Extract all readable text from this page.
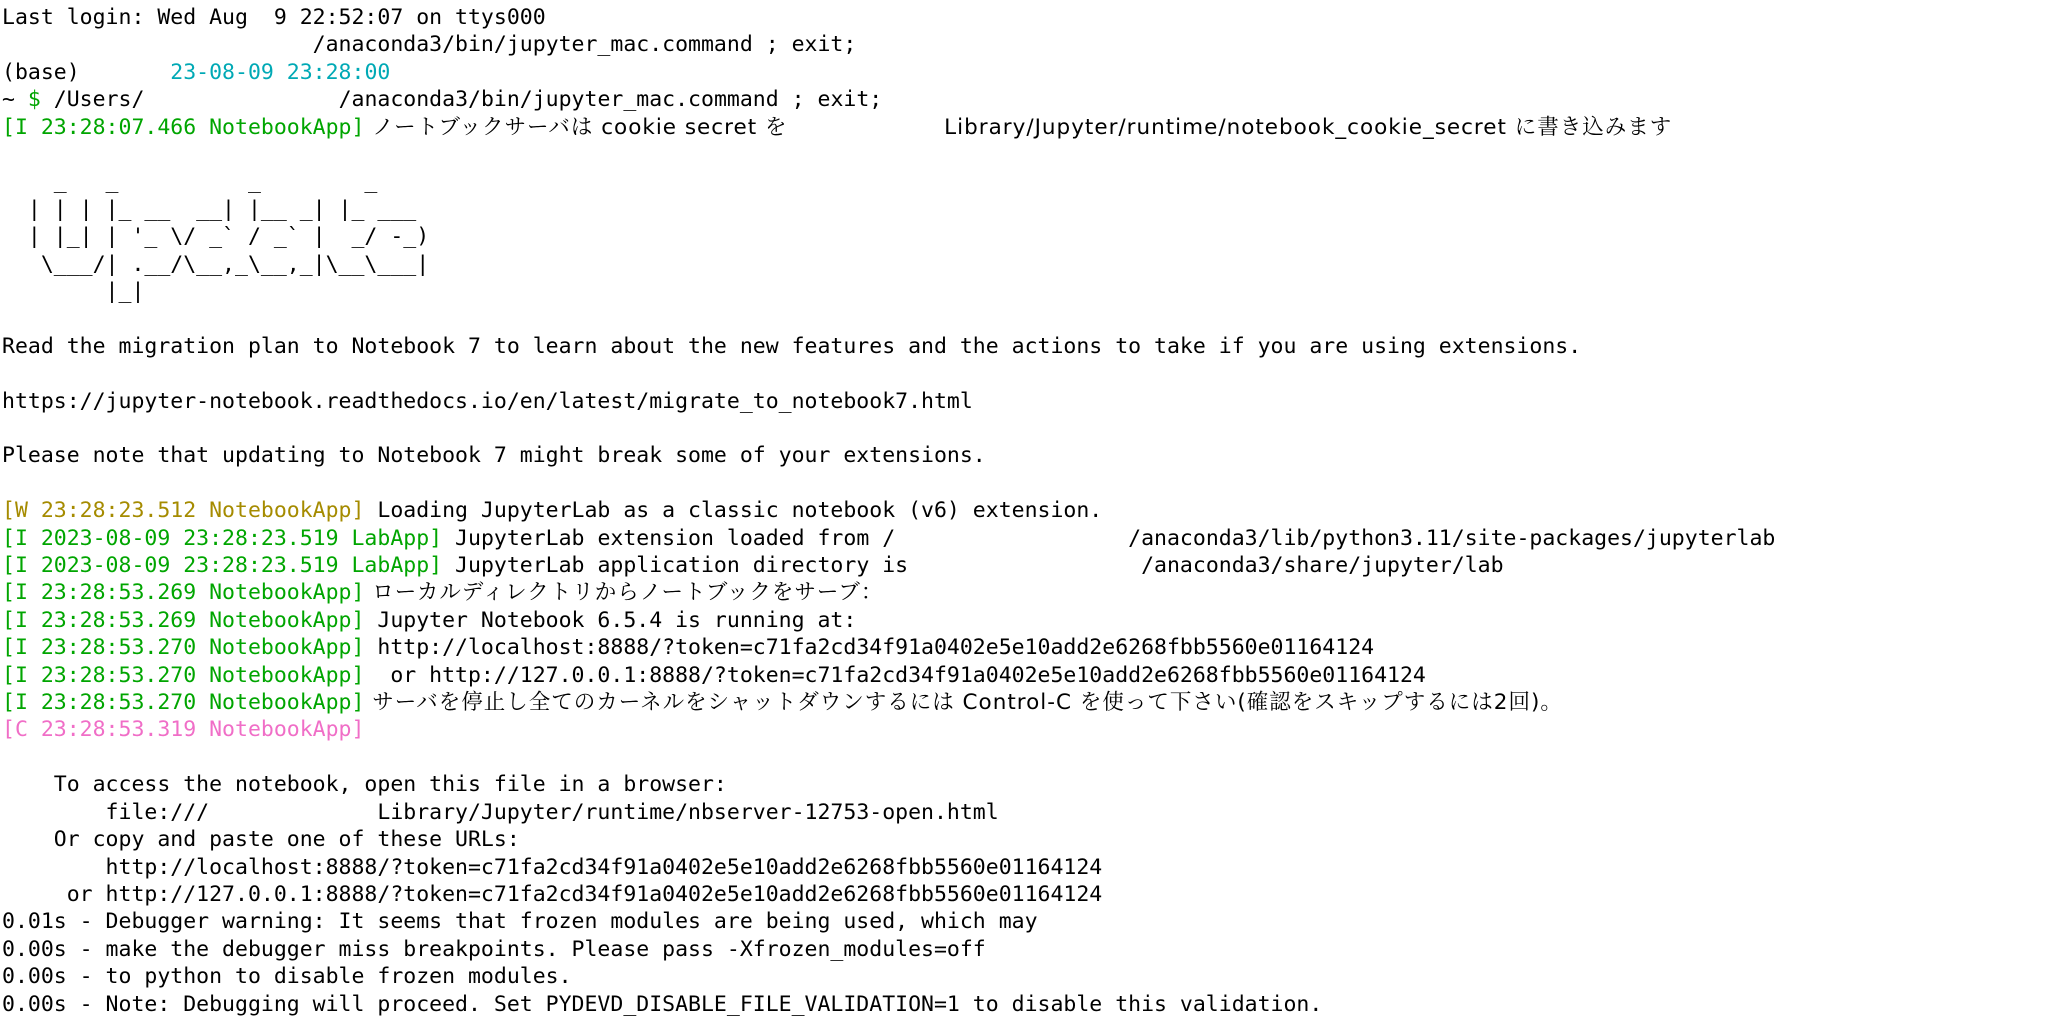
Last login: Wed Aug  9 22:52:07 on ttys000
/anaconda3/bin/jupyter_mac.command ; exit;
(base)       23-08-09 23:28:00
~ $ /Users/               /anaconda3/bin/jupyter_mac.command ; exit;
[I 23:28:07.466 NotebookApp] ノートブックサーバは cookie secret を                    Library/Jupyter/runtime/notebook_cookie_secret に書き込みます

_   _          _        _
| | | |_ __  __| |__ _| |_ ___
| |_| | '_ \/ _` / _` |  _/ -_)
\___/| .__/\__,_\__,_|\__\___|
|_|

Read the migration plan to Notebook 7 to learn about the new features and the actions to take if you are using extensions.

https://jupyter-notebook.readthedocs.io/en/latest/migrate_to_notebook7.html

Please note that updating to Notebook 7 might break some of your extensions.

[W 23:28:23.512 NotebookApp] Loading JupyterLab as a classic notebook (v6) extension.
[I 2023-08-09 23:28:23.519 LabApp] JupyterLab extension loaded from /                  /anaconda3/lib/python3.11/site-packages/jupyterlab
[I 2023-08-09 23:28:23.519 LabApp] JupyterLab application directory is                  /anaconda3/share/jupyter/lab
[I 23:28:53.269 NotebookApp] ローカルディレクトリからノートブックをサーブ：
[I 23:28:53.269 NotebookApp] Jupyter Notebook 6.5.4 is running at:
[I 23:28:53.270 NotebookApp] http://localhost:8888/?token=c71fa2cd34f91a0402e5e10add2e6268fbb5560e01164124
[I 23:28:53.270 NotebookApp]  or http://127.0.0.1:8888/?token=c71fa2cd34f91a0402e5e10add2e6268fbb5560e01164124
[I 23:28:53.270 NotebookApp] サーバを停止し全てのカーネルをシャットダウンするには Control-C を使って下さい(確認をスキップするには2回)。
[C 23:28:53.319 NotebookApp]

To access the notebook, open this file in a browser:
file:///             Library/Jupyter/runtime/nbserver-12753-open.html
Or copy and paste one of these URLs:
http://localhost:8888/?token=c71fa2cd34f91a0402e5e10add2e6268fbb5560e01164124
or http://127.0.0.1:8888/?token=c71fa2cd34f91a0402e5e10add2e6268fbb5560e01164124
0.01s - Debugger warning: It seems that frozen modules are being used, which may
0.00s - make the debugger miss breakpoints. Please pass -Xfrozen_modules=off
0.00s - to python to disable frozen modules.
0.00s - Note: Debugging will proceed. Set PYDEVD_DISABLE_FILE_VALIDATION=1 to disable this validation.
